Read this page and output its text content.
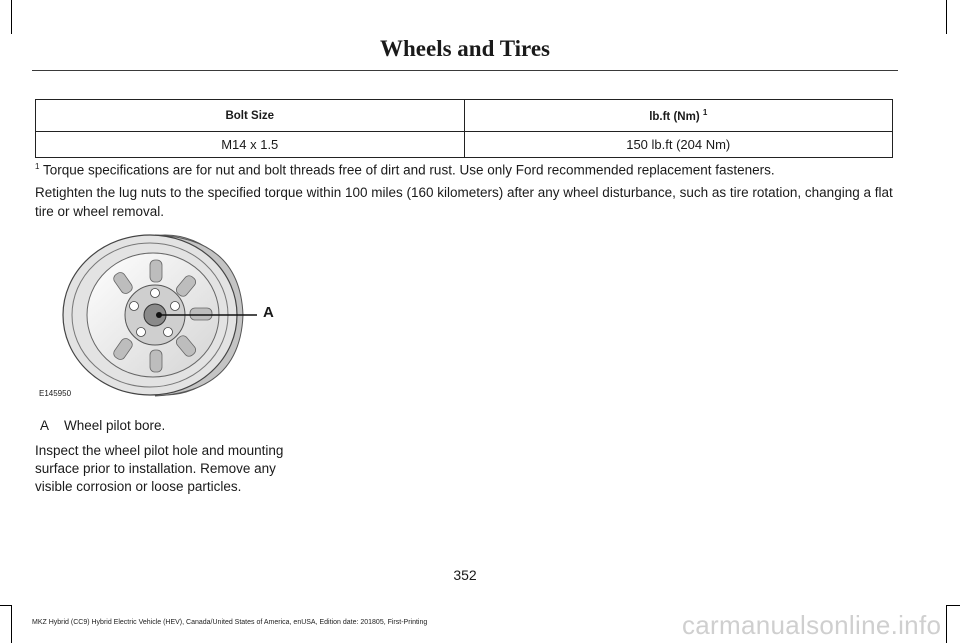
Wheels and Tires
Bolt Size	lb.ft (Nm) $^1$
M14 x 1.5	150 lb.ft (204 Nm)
$^1$ Torque specifications are for nut and bolt threads free of dirt and rust. Use only Ford recommended replacement fasteners.
Retighten the lug nuts to the specified torque within 100 miles (160 kilometers) after any wheel disturbance, such as tire rotation, changing a flat tire or wheel removal.
A
E145950
A Wheel pilot bore.
Inspect the wheel pilot hole and mounting surface prior to installation. Remove any visible corrosion or loose particles.
352
MKZ Hybrid (CC9) Hybrid Electric Vehicle (HEV), Canada/United States of America, enUSA, Edition date: 201805, First-Printing	carmanualsonline.info
